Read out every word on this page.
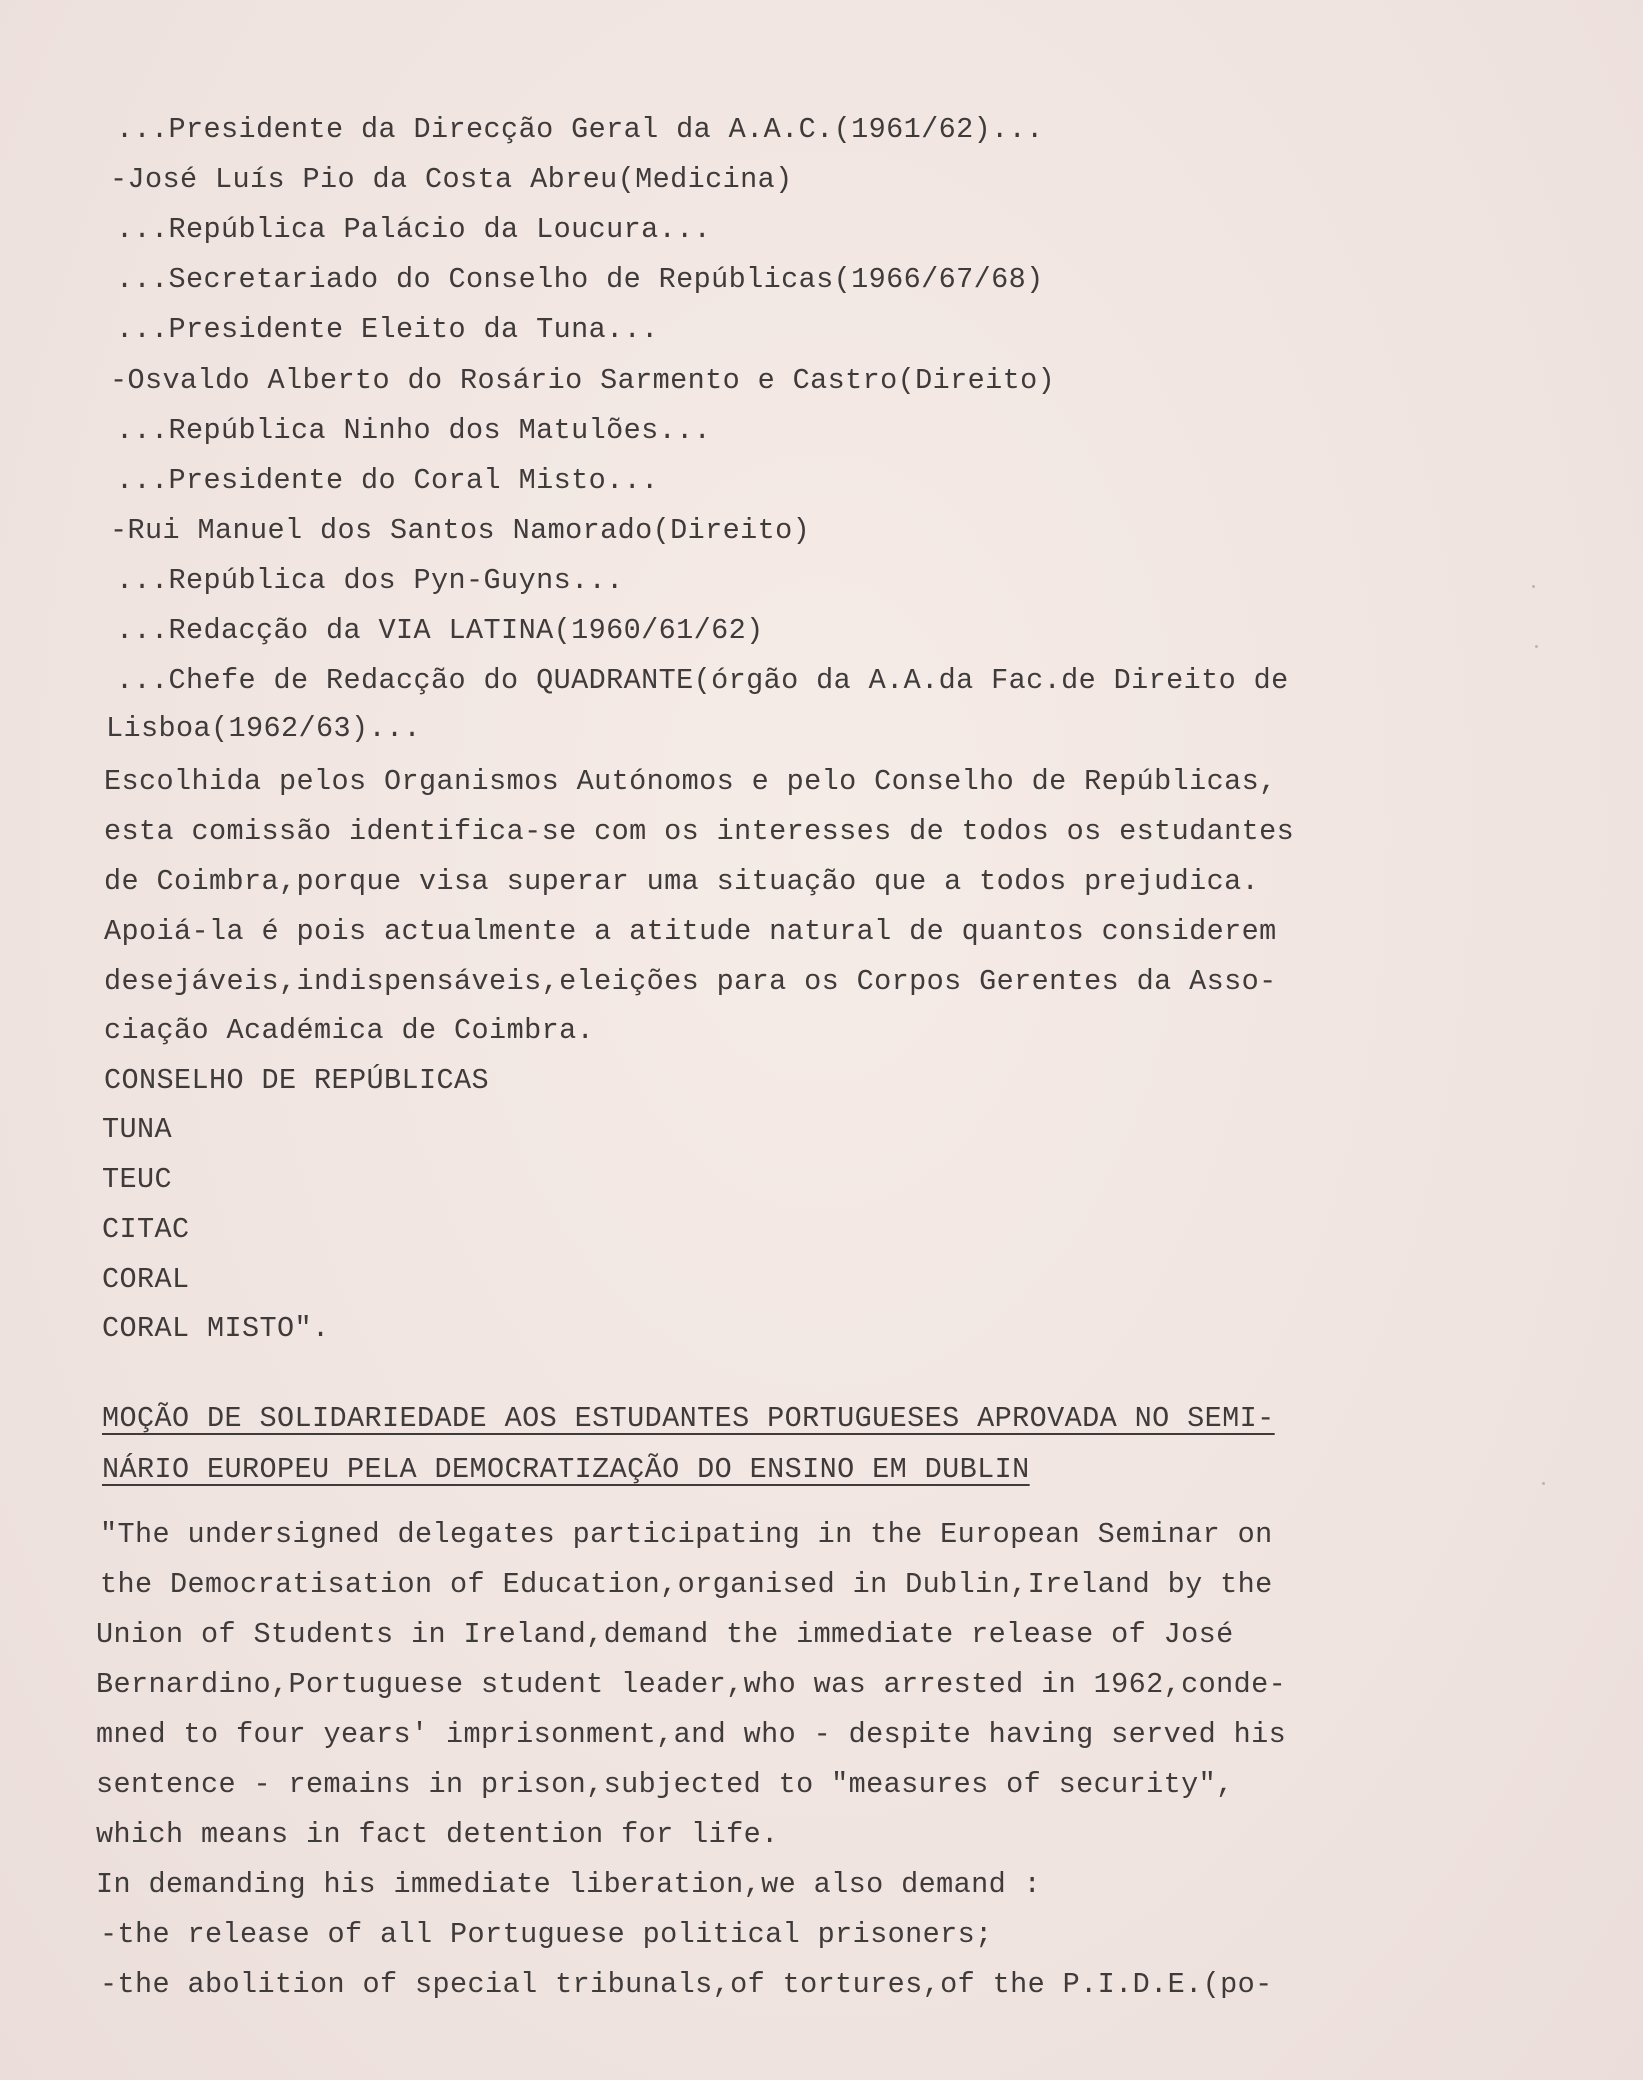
...Presidente da Direcção Geral da A.A.C.(1961/62)...
-José Luís Pio da Costa Abreu(Medicina)
...República Palácio da Loucura...
...Secretariado do Conselho de Repúblicas(1966/67/68)
...Presidente Eleito da Tuna...
-Osvaldo Alberto do Rosário Sarmento e Castro(Direito)
...República Ninho dos Matulões...
...Presidente do Coral Misto...
-Rui Manuel dos Santos Namorado(Direito)
...República dos Pyn-Guyns...
...Redacção da VIA LATINA(1960/61/62)
...Chefe de Redacção do QUADRANTE(órgão da A.A.da Fac.de Direito de
Lisboa(1962/63)...
Escolhida pelos Organismos Autónomos e pelo Conselho de Repúblicas,
esta comissão identifica-se com os interesses de todos os estudantes
de Coimbra,porque visa superar uma situação que a todos prejudica.
Apoiá-la é pois actualmente a atitude natural de quantos considerem
desejáveis,indispensáveis,eleições para os Corpos Gerentes da Asso-
ciação Académica de Coimbra.
CONSELHO DE REPÚBLICAS
TUNA
TEUC
CITAC
CORAL
CORAL MISTO".
MOÇÃO DE SOLIDARIEDADE AOS ESTUDANTES PORTUGUESES APROVADA NO SEMI-
NÁRIO EUROPEU PELA DEMOCRATIZAÇÃO DO ENSINO EM DUBLIN
"The undersigned delegates participating in the European Seminar on
the Democratisation of Education,organised in Dublin,Ireland by the
Union of Students in Ireland,demand the immediate release of José
Bernardino,Portuguese student leader,who was arrested in 1962,conde-
mned to four years' imprisonment,and who - despite having served his
sentence - remains in prison,subjected to "measures of security",
which means in fact detention for life.
In demanding his immediate liberation,we also demand :
-the release of all Portuguese political prisoners;
-the abolition of special tribunals,of tortures,of the P.I.D.E.(po-
